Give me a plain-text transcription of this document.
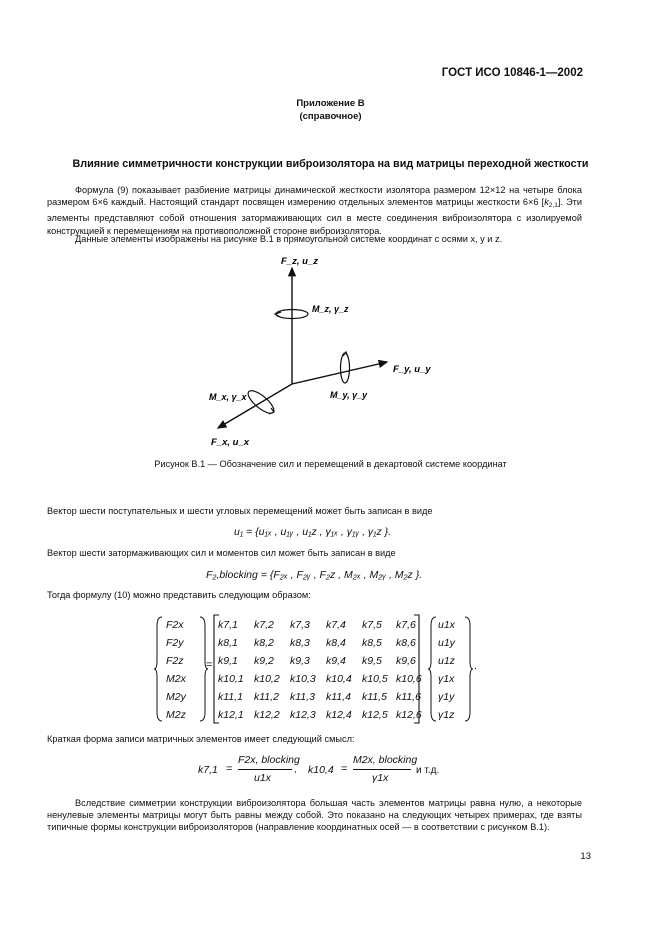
ГОСТ ИСО 10846-1—2002
Приложение В
(справочное)
Влияние симметричности конструкции виброизолятора на вид матрицы переходной жесткости
Формула (9) показывает разбиение матрицы динамической жесткости изолятора размером 12×12 на четыре блока размером 6×6 каждый. Настоящий стандарт посвящен измерению отдельных элементов матрицы жесткости 6×6 $[k_{2,1}]$. Эти элементы представляют собой отношения затормаживающих сил в месте соединения виброизолятора с изолируемой конструкцией к перемещениям на противоположной стороне виброизолятора.
Данные элементы изображены на рисунке В.1 в прямоугольной системе координат с осями x, y и z.
F_z, u_z
M_z, γ_z
F_y, u_y
M_y, γ_y
M_x, γ_x
F_x, u_x
Рисунок В.1 — Обозначение сил и перемещений в декартовой системе координат
Вектор шести поступательных и шести угловых перемещений может быть записан в виде
u₁ = {u₁ₓ , u₁ᵧ , u₁z , γ₁ₓ , γ₁ᵧ , γ₁z }.
Вектор шести затормаживающих сил и моментов сил может быть записан в виде
F₂,blocking = {F₂ₓ , F₂ᵧ , F₂z , M₂ₓ , M₂ᵧ , M₂z }.
Тогда формулу (10) можно представить следующим образом:
=	.
F2x
F2y
F2z
M2x
M2y
M2z
k7,1 k7,2 k7,3 k7,4 k7,5 k7,6
k8,1 k8,2 k8,3 k8,4 k8,5 k8,6
k9,1 k9,2 k9,3 k9,4 k9,5 k9,6
k10,1 k10,2 k10,3 k10,4 k10,5 k10,6
k11,1 k11,2 k11,3 k11,4 k11,5 k11,6
k12,1 k12,2 k12,3 k12,4 k12,5 k12,6
u1x
u1y
u1z
γ1x
γ1y
γ1z
Краткая форма записи матричных элементов имеет следующий смысл:
k7,1 =
F2x, blocking
u1x
, k10,4 =
M2x, blocking
γ1x
и т.д.
Вследствие симметрии конструкции виброизолятора большая часть элементов матрицы равна нулю, а некоторые ненулевые элементы матрицы могут быть равны между собой. Это показано на следующих четырех примерах, где взяты типичные формы конструкции виброизоляторов (направление координатных осей — в соответствии с рисунком В.1).
13
